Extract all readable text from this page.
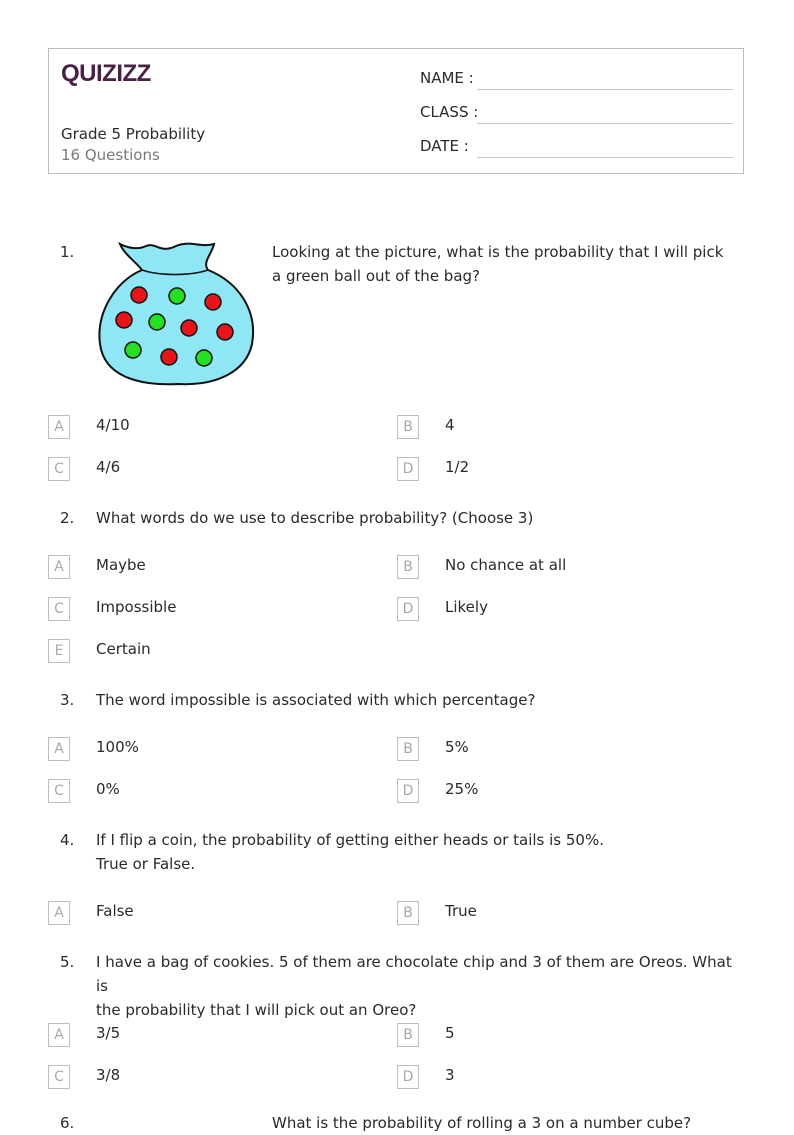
QUIZIZZ
Grade 5 Probability
16 Questions
NAME :
CLASS :
DATE :
1.	Looking at the picture, what is the probability that I will pick a green ball out of the bag?
A	4/10	B	4
C	4/6	D	1/2
2. What words do we use to describe probability? (Choose 3)
A	Maybe	B	No chance at all
C	Impossible	D	Likely
E	Certain
3. The word impossible is associated with which percentage?
A	100%	B	5%
C	0%	D	25%
4. If I flip a coin, the probability of getting either heads or tails is 50%.
True or False.
A	False	B	True
5. I have a bag of cookies. 5 of them are chocolate chip and 3 of them are Oreos. What is
the probability that I will pick out an Oreo?
A	3/5	B	5
C	3/8	D	3
6.	What is the probability of rolling a 3 on a number cube?
